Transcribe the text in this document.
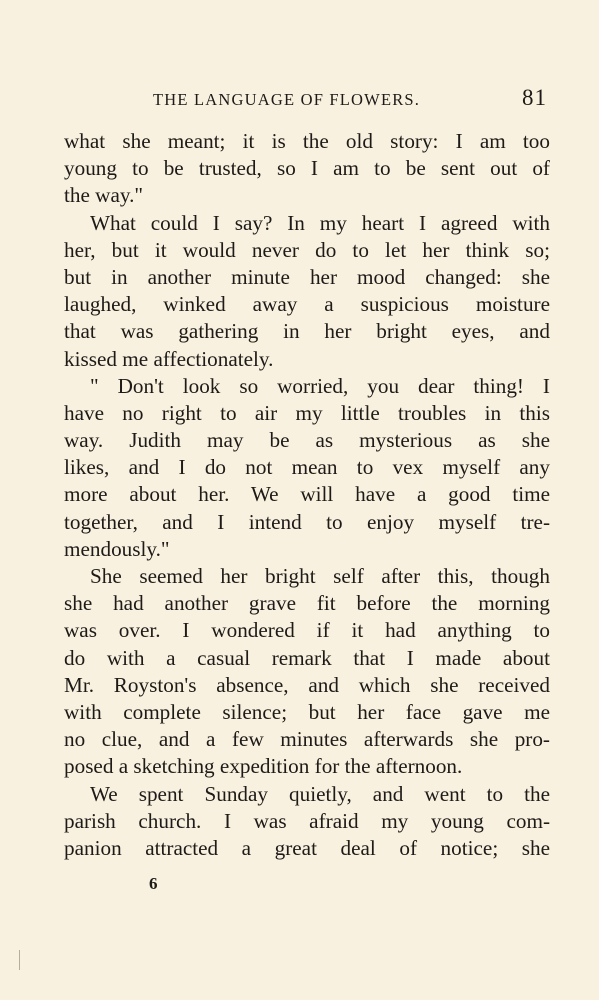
THE LANGUAGE OF FLOWERS.	81
what she meant; it is the old story: I am too
young to be trusted, so I am to be sent out of
the way."
What could I say? In my heart I agreed with
her, but it would never do to let her think so;
but in another minute her mood changed: she
laughed, winked away a suspicious moisture
that was gathering in her bright eyes, and
kissed me affectionately.
" Don't look so worried, you dear thing! I
have no right to air my little troubles in this
way. Judith may be as mysterious as she
likes, and I do not mean to vex myself any
more about her. We will have a good time
together, and I intend to enjoy myself tre-
mendously."
She seemed her bright self after this, though
she had another grave fit before the morning
was over. I wondered if it had anything to
do with a casual remark that I made about
Mr. Royston's absence, and which she received
with complete silence; but her face gave me
no clue, and a few minutes afterwards she pro-
posed a sketching expedition for the afternoon.
We spent Sunday quietly, and went to the
parish church. I was afraid my young com-
panion attracted a great deal of notice; she
6
